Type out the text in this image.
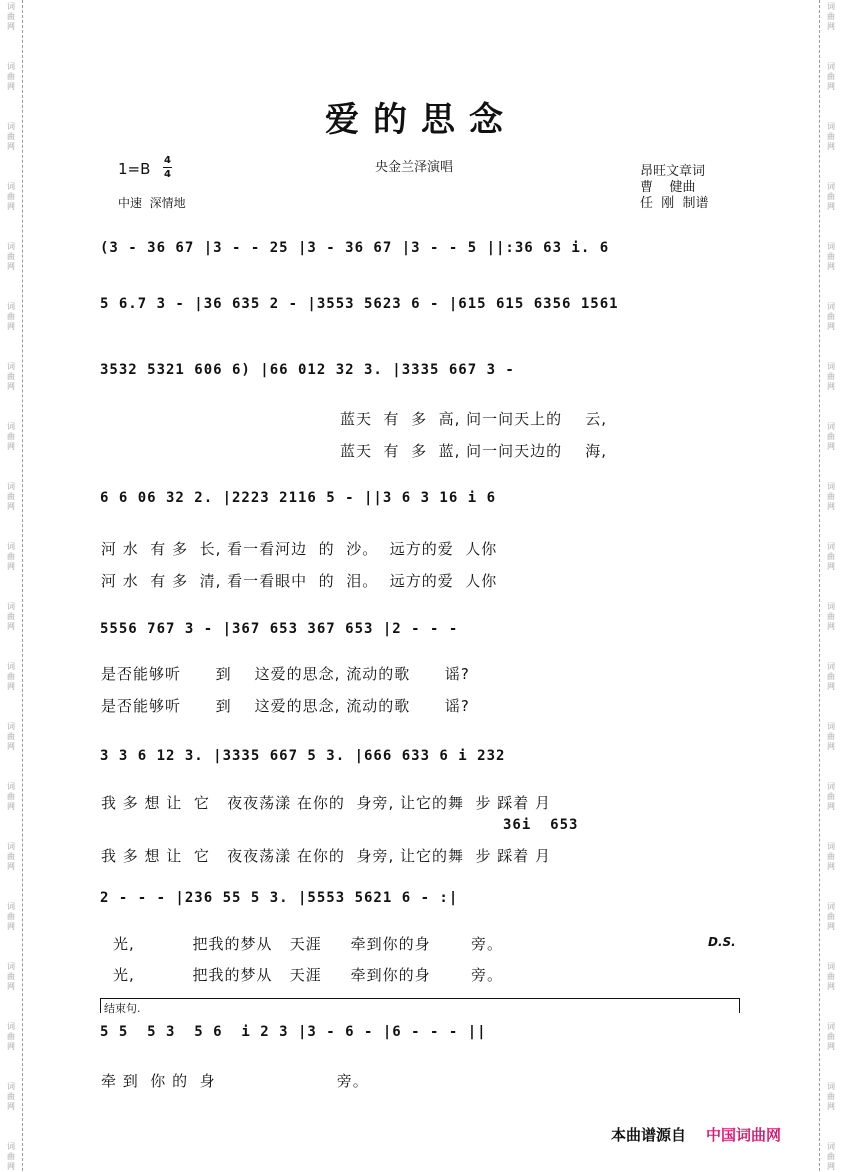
词
曲
网
词
曲
网
词
曲
网
词
曲
网
词
曲
网
词
曲
网
词
曲
网
词
曲
网
词
曲
网
词
曲
网
词
曲
网
词
曲
网
词
曲
网
词
曲
网
词
曲
网
词
曲
网
词
曲
网
词
曲
网
词
曲
网
词
曲
网
词
曲
网
词
曲
网
词
曲
网
词
曲
网
词
曲
网
词
曲
网
词
曲
网
词
曲
网
词
曲
网
词
曲
网
词
曲
网
词
曲
网
词
曲
网
词
曲
网
词
曲
网
词
曲
网
词
曲
网
词
曲
网
词
曲
网
词
曲
网
爱的思念
1=B 4
4
中速  深情地
央金兰泽演唱	昂旺文章词
曹    健曲
任  刚  制谱
(3 - 36 67 |3 - - 25 |3 - 36 67 |3 - - 5 ||:36 63 i. 6
5 6.7 3 - |36 635 2 - |3553 5623 6 - |615 615 6356 1561
3532 5321 606 6) |66 012 32 3. |3335 667 3 -
蓝天  有  多  高, 问一问天上的    云,
蓝天  有  多  蓝, 问一问天边的    海,
6 6 06 32 2. |2223 2116 5 - ||3 6 3 16 i 6
河 水  有 多  长, 看一看河边  的  沙。  远方的爱  人你
河 水  有 多  清, 看一看眼中  的  泪。  远方的爱  人你
5556 767 3 - |367 653 367 653 |2 - - -
是否能够听      到    这爱的思念, 流动的歌      谣?
是否能够听      到    这爱的思念, 流动的歌      谣?
3 3 6 12 3. |3335 667 5 3. |666 633 6 i 232
我 多 想 让  它   夜夜荡漾 在你的  身旁, 让它的舞  步 踩着 月
36i  653
我 多 想 让  它   夜夜荡漾 在你的  身旁, 让它的舞  步 踩着 月
2 - - - |236 55 5 3. |5553 5621 6 - :|
光,          把我的梦从   天涯     牵到你的身       旁。	D.S.
光,          把我的梦从   天涯     牵到你的身       旁。
结束句.
5 5  5 3  5 6  i 2 3 |3 - 6 - |6 - - - ||
牵 到  你 的  身                     旁。
本曲谱源自 中国词曲网
